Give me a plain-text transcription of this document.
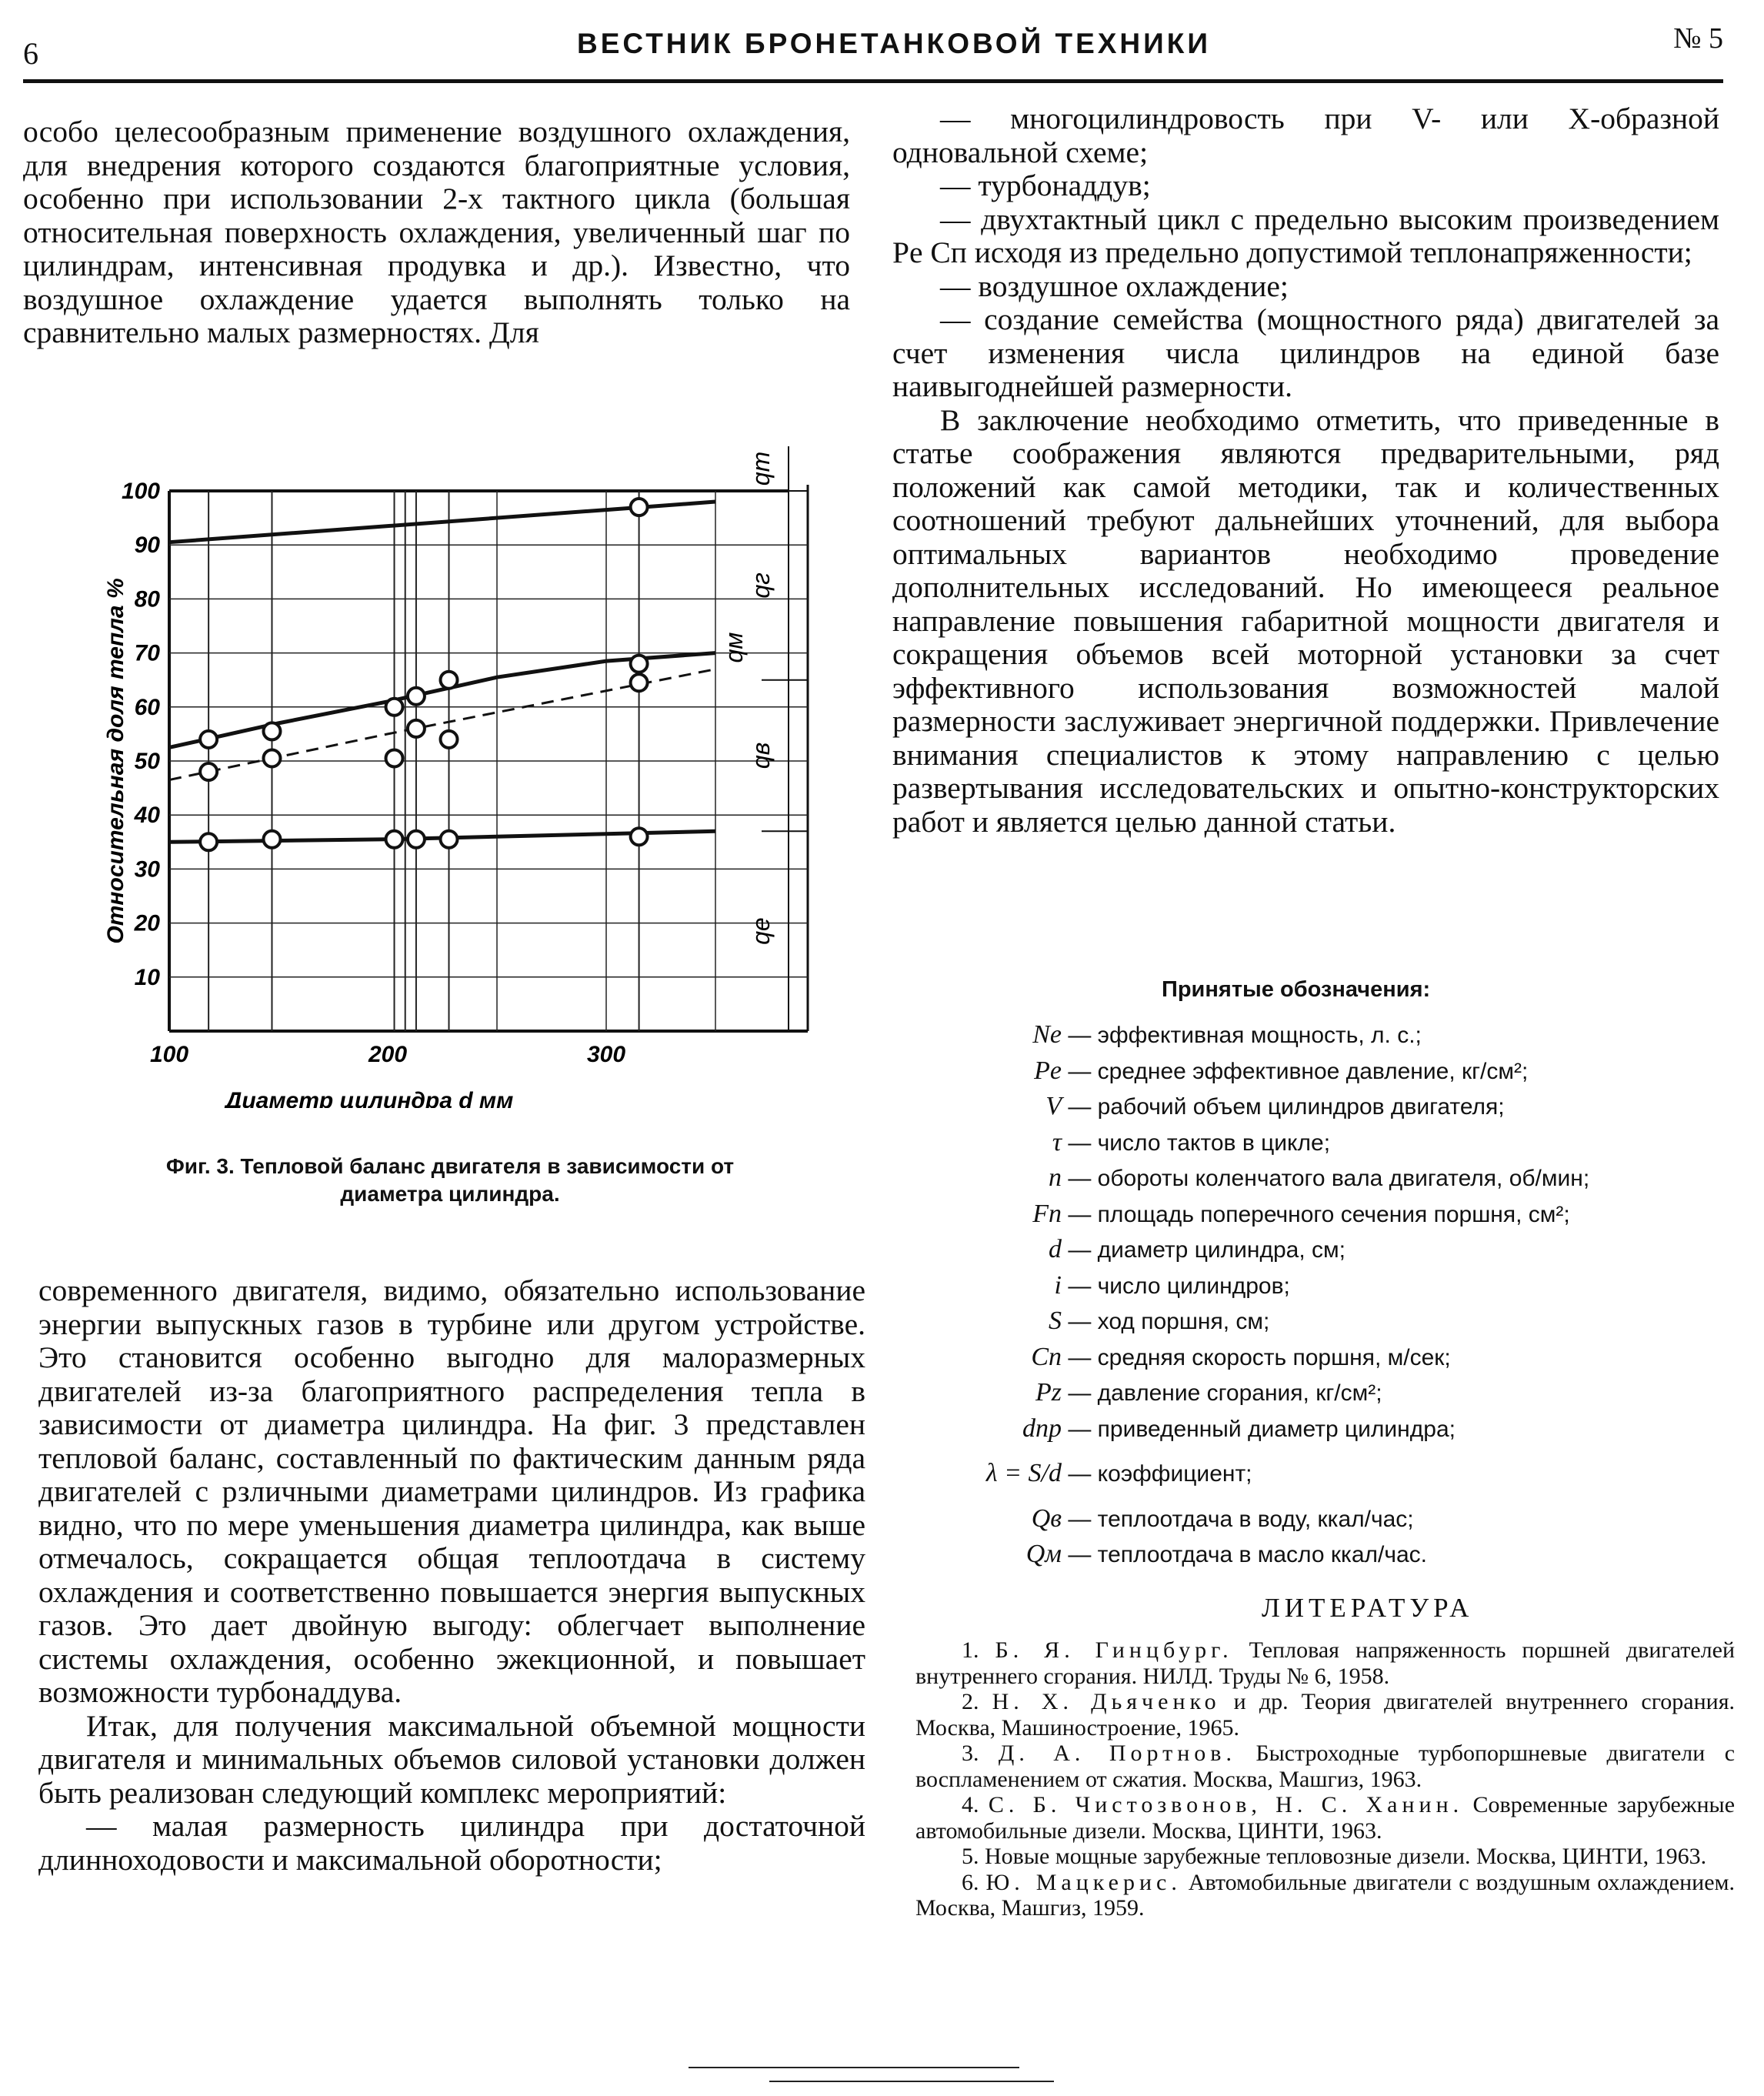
6	ВЕСТНИК БРОНЕТАНКОВОЙ ТЕХНИКИ	№ 5

особо целесообразным применение воздушного охлаждения, для внедрения которого создаются благоприятные условия, особенно при использовании 2-х тактного цикла (большая относительная поверхность охлаждения, увеличенный шаг по цилиндрам, интенсивная продувка и др.). Известно, что воздушное охлаждение удается выполнять только на сравнительно малых размерностях. Для

10
20
30
40
50
60
70
80
90
100
100	200	300
Диаметр цилиндра d мм
Относительная доля тепла %
qт
qг
qм
qв
qе
Фиг. 3. Тепловой баланс двигателя в зависимости от
диаметра цилиндра.

современного двигателя, видимо, обязательно использование энергии выпускных газов в турбине или другом устройстве. Это становится особенно выгодно для малоразмерных двигателей из-за благоприятного распределения тепла в зависимости от диаметра цилиндра. На фиг. 3 представлен тепловой баланс, составленный по фактическим данным ряда двигателей с рзличными диаметрами цилиндров. Из графика видно, что по мере уменьшения диаметра цилиндра, как выше отмечалось, сокращается общая теплоотдача в систему охлаждения и соответственно повышается энергия выпускных газов. Это дает двойную выгоду: облегчает выполнение системы охлаждения, особенно эжекционной, и повышает возможности турбонаддува.

Итак, для получения максимальной объемной мощности двигателя и минимальных объемов силовой установки должен быть реализован следующий комплекс мероприятий:

— малая размерность цилиндра при достаточной длинноходовости и максимальной оборотности;

— многоцилиндровость при V- или X-образной одновальной схеме;

— турбонаддув;

— двухтактный цикл с предельно высоким произведением Pe Cп исходя из предельно допустимой теплонапряженности;

— воздушное охлаждение;

— создание семейства (мощностного ряда) двигателей за счет изменения числа цилиндров на единой базе наивыгоднейшей размерности.

В заключение необходимо отметить, что приведенные в статье соображения являются предварительными, ряд положений как самой методики, так и количественных соотношений требуют дальнейших уточнений, для выбора оптимальных вариантов необходимо проведение дополнительных исследований. Но имеющееся реальное направление повышения габаритной мощности двигателя и сокращения объемов всей моторной установки за счет эффективного использования возможностей малой размерности заслуживает энергичной поддержки. Привлечение внимания специалистов к этому направлению с целью развертывания исследовательских и опытно-конструкторских работ и является целью данной статьи.

Принятые обозначения:
Ne — эффективная мощность, л. с.;
Pe — среднее эффективное давление, кг/см²;
V — рабочий объем цилиндров двигателя;
τ — число тактов в цикле;
n — обороты коленчатого вала двигателя, об/мин;
Fп — площадь поперечного сечения поршня, см²;
d — диаметр цилиндра, см;
i — число цилиндров;
S — ход поршня, см;
Cп — средняя скорость поршня, м/сек;
Pz — давление сгорания, кг/см²;
dпр — приведенный диаметр цилиндра;
λ = S/d — коэффициент;
Qв — теплоотдача в воду, ккал/час;
Qм — теплоотдача в масло ккал/час.
ЛИТЕРАТУРА

1. Б. Я. Гинцбург. Тепловая напряженность поршней двигателей внутреннего сгорания. НИЛД. Труды № 6, 1958.

2. Н. Х. Дьяченко и др. Теория двигателей внутреннего сгорания. Москва, Машиностроение, 1965.

3. Д. А. Портнов. Быстроходные турбопоршневые двигатели с воспламенением от сжатия. Москва, Машгиз, 1963.

4. С. Б. Чистозвонов, Н. С. Ханин. Современные зарубежные автомобильные дизели. Москва, ЦИНТИ, 1963.

5. Новые мощные зарубежные тепловозные дизели. Москва, ЦИНТИ, 1963.

6. Ю. Мацкерис. Автомобильные двигатели с воздушным охлаждением. Москва, Машгиз, 1959.
